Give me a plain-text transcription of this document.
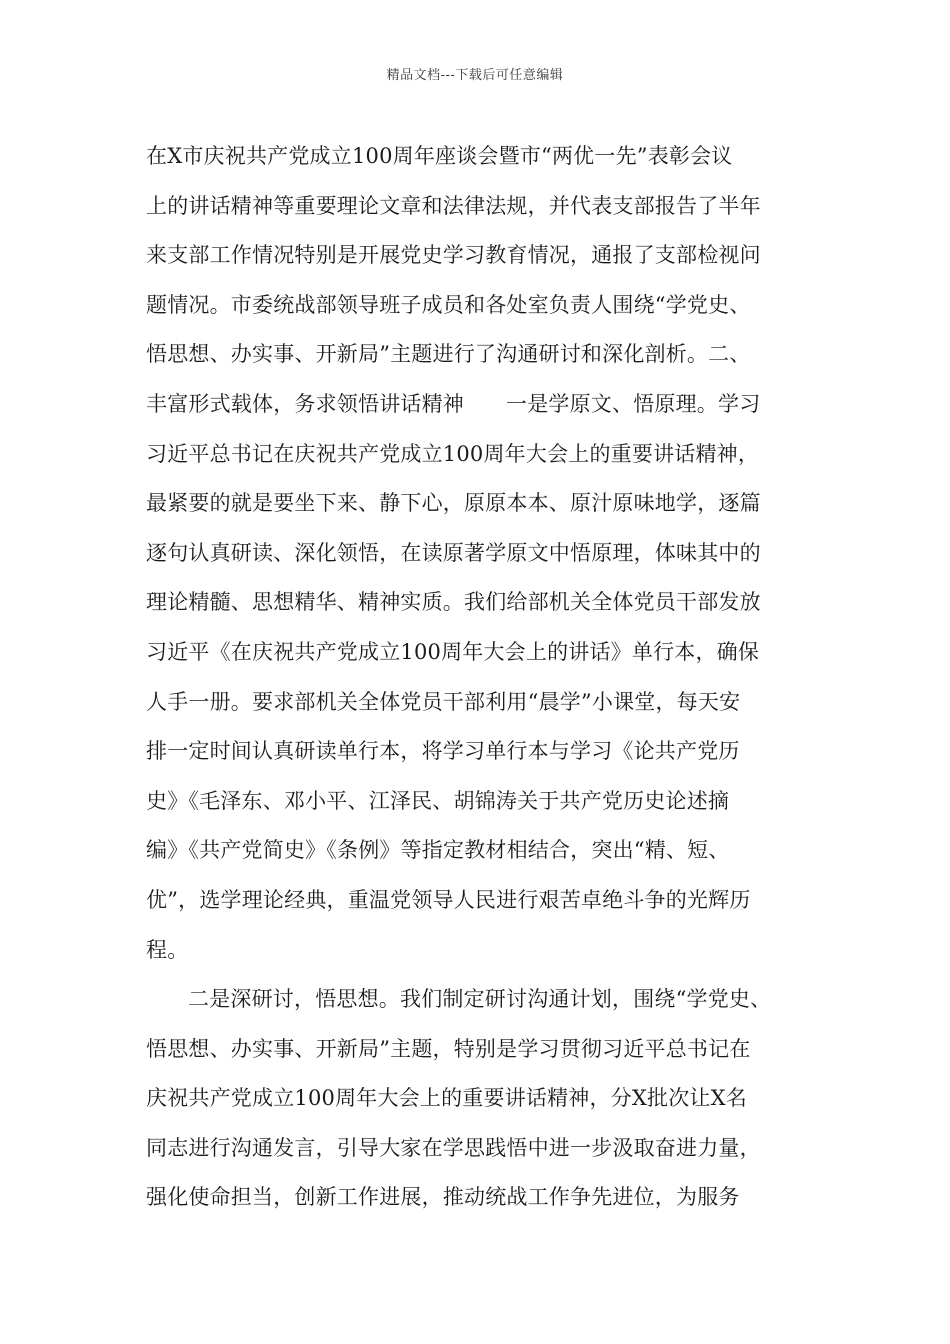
精品文档---下载后可任意编辑
在X市庆祝共产党成立100周年座谈会暨市“两优一先”表彰会议
上的讲话精神等重要理论文章和法律法规，并代表支部报告了半年
来支部工作情况特别是开展党史学习教育情况，通报了支部检视问
题情况。市委统战部领导班子成员和各处室负责人围绕“学党史、
悟思想、办实事、开新局”主题进行了沟通研讨和深化剖析。二、
丰富形式载体，务求领悟讲话精神 一是学原文、悟原理。学习
习近平总书记在庆祝共产党成立100周年大会上的重要讲话精神，
最紧要的就是要坐下来、静下心，原原本本、原汁原味地学，逐篇
逐句认真研读、深化领悟，在读原著学原文中悟原理，体味其中的
理论精髓、思想精华、精神实质。我们给部机关全体党员干部发放
习近平《在庆祝共产党成立100周年大会上的讲话》单行本，确保
人手一册。要求部机关全体党员干部利用“晨学”小课堂，每天安
排一定时间认真研读单行本，将学习单行本与学习《论共产党历
史》《毛泽东、邓小平、江泽民、胡锦涛关于共产党历史论述摘
编》《共产党简史》《条例》等指定教材相结合，突出“精、短、
优”，选学理论经典，重温党领导人民进行艰苦卓绝斗争的光辉历
程。
二是深研讨，悟思想。我们制定研讨沟通计划，围绕“学党史、
悟思想、办实事、开新局”主题，特别是学习贯彻习近平总书记在
庆祝共产党成立100周年大会上的重要讲话精神，分X批次让X名
同志进行沟通发言，引导大家在学思践悟中进一步汲取奋进力量，
强化使命担当，创新工作进展，推动统战工作争先进位，为服务
